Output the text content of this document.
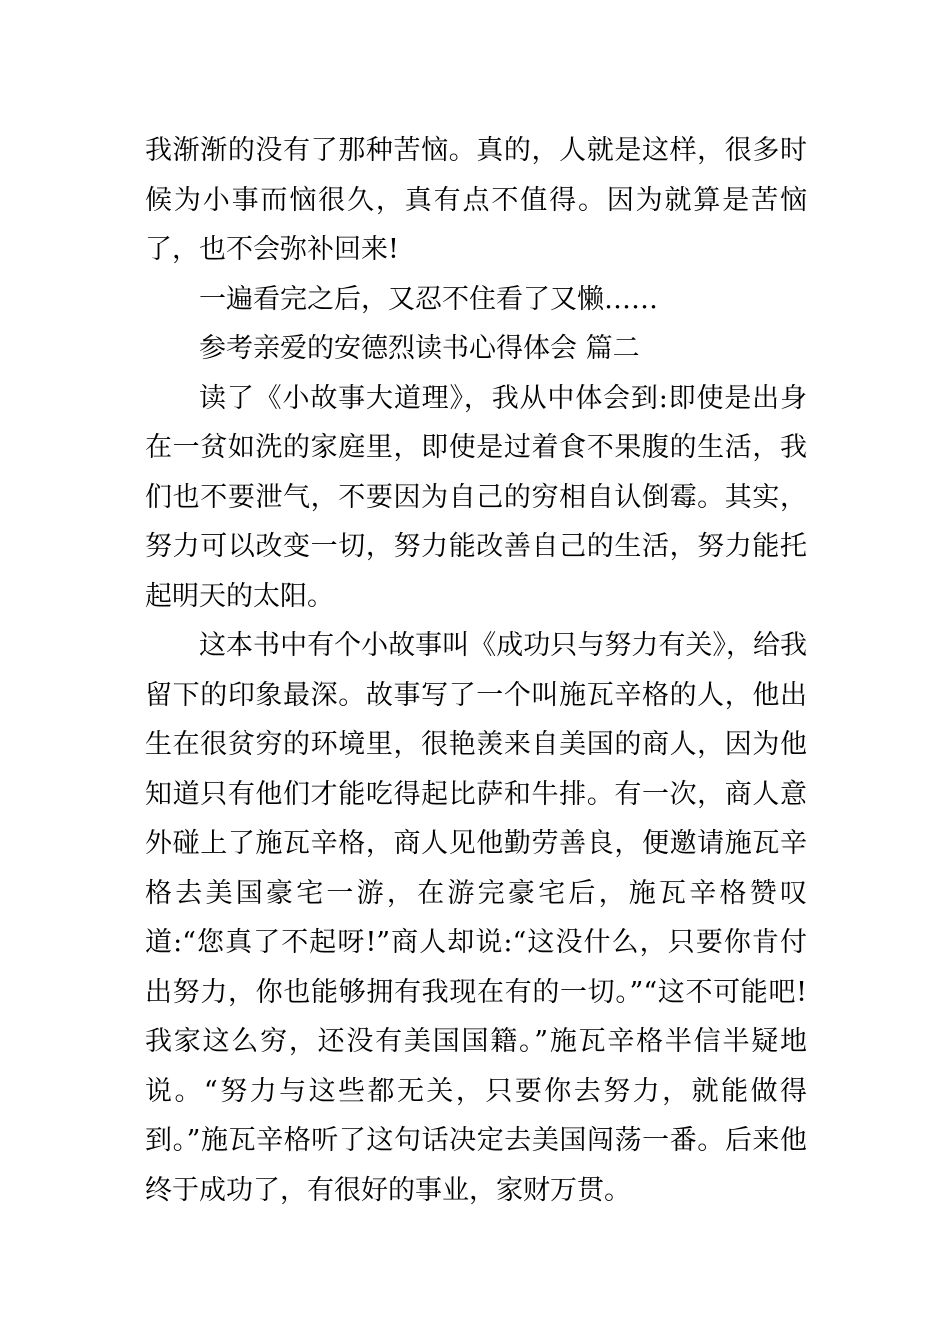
我渐渐的没有了那种苦恼。真的，人就是这样，很多时候为小事而恼很久，真有点不值得。因为就算是苦恼了，也不会弥补回来!

一遍看完之后，又忍不住看了又懒……

参考亲爱的安德烈读书心得体会 篇二

读了《小故事大道理》，我从中体会到:即使是出身在一贫如洗的家庭里，即使是过着食不果腹的生活，我们也不要泄气，不要因为自己的穷相自认倒霉。其实，努力可以改变一切，努力能改善自己的生活，努力能托起明天的太阳。

这本书中有个小故事叫《成功只与努力有关》，给我留下的印象最深。故事写了一个叫施瓦辛格的人，他出生在很贫穷的环境里，很艳羡来自美国的商人，因为他知道只有他们才能吃得起比萨和牛排。有一次，商人意外碰上了施瓦辛格，商人见他勤劳善良，便邀请施瓦辛格去美国豪宅一游，在游完豪宅后，施瓦辛格赞叹道:“您真了不起呀!”商人却说:“这没什么，只要你肯付出努力，你也能够拥有我现在有的一切。”“这不可能吧!我家这么穷，还没有美国国籍。”施瓦辛格半信半疑地说。“努力与这些都无关，只要你去努力，就能做得到。”施瓦辛格听了这句话决定去美国闯荡一番。后来他终于成功了，有很好的事业，家财万贯。
